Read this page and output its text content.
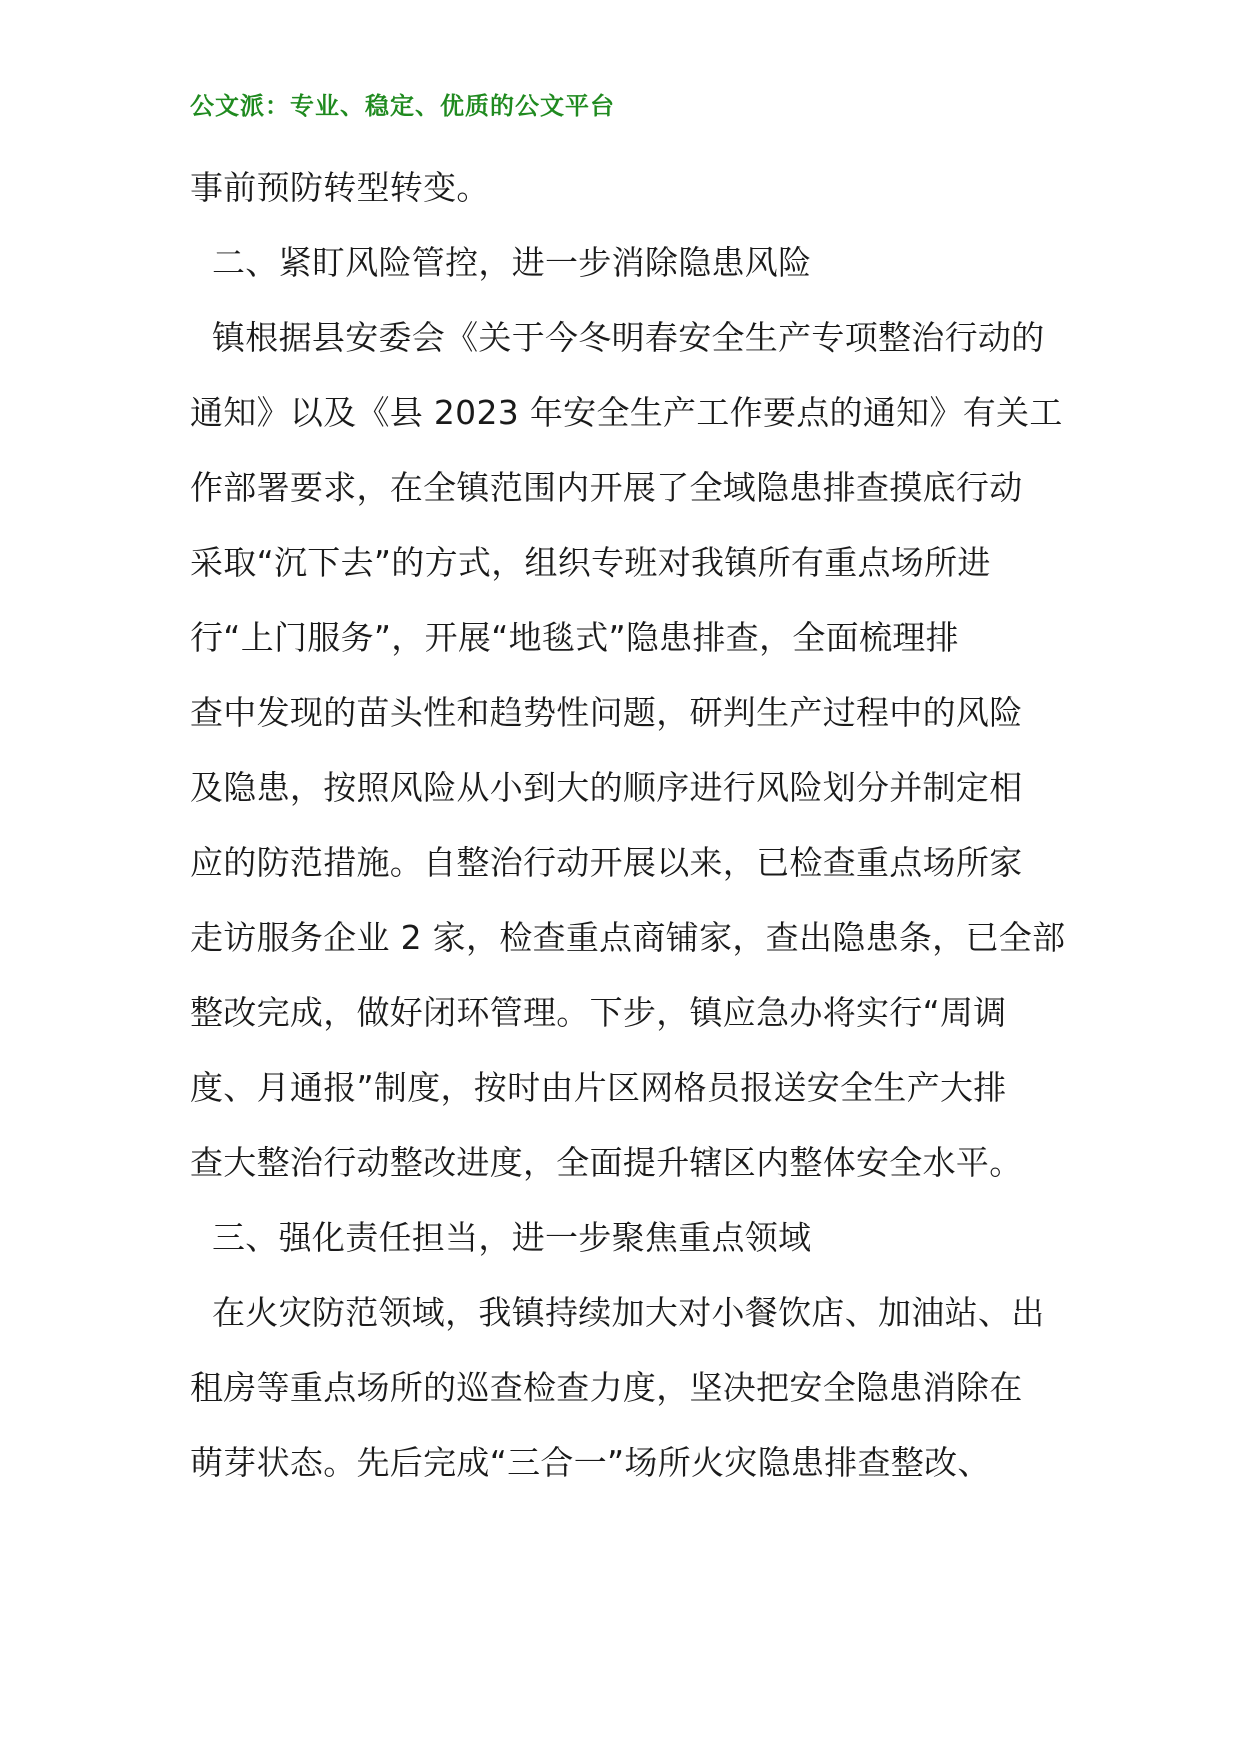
公文派：专业、稳定、优质的公文平台
事前预防转型转变。
二、紧盯风险管控，进一步消除隐患风险
镇根据县安委会《关于今冬明春安全生产专项整治行动的
通知》以及《县 2023 年安全生产工作要点的通知》有关工
作部署要求，在全镇范围内开展了全域隐患排查摸底行动
采取“沉下去”的方式，组织专班对我镇所有重点场所进
行“上门服务”，开展“地毯式”隐患排查，全面梳理排
查中发现的苗头性和趋势性问题，研判生产过程中的风险
及隐患，按照风险从小到大的顺序进行风险划分并制定相
应的防范措施。自整治行动开展以来，已检查重点场所家
走访服务企业 2 家，检查重点商铺家，查出隐患条，已全部
整改完成，做好闭环管理。下步，镇应急办将实行“周调
度、月通报”制度，按时由片区网格员报送安全生产大排
查大整治行动整改进度，全面提升辖区内整体安全水平。
三、强化责任担当，进一步聚焦重点领域
在火灾防范领域，我镇持续加大对小餐饮店、加油站、出
租房等重点场所的巡查检查力度，坚决把安全隐患消除在
萌芽状态。先后完成“三合一”场所火灾隐患排查整改、
